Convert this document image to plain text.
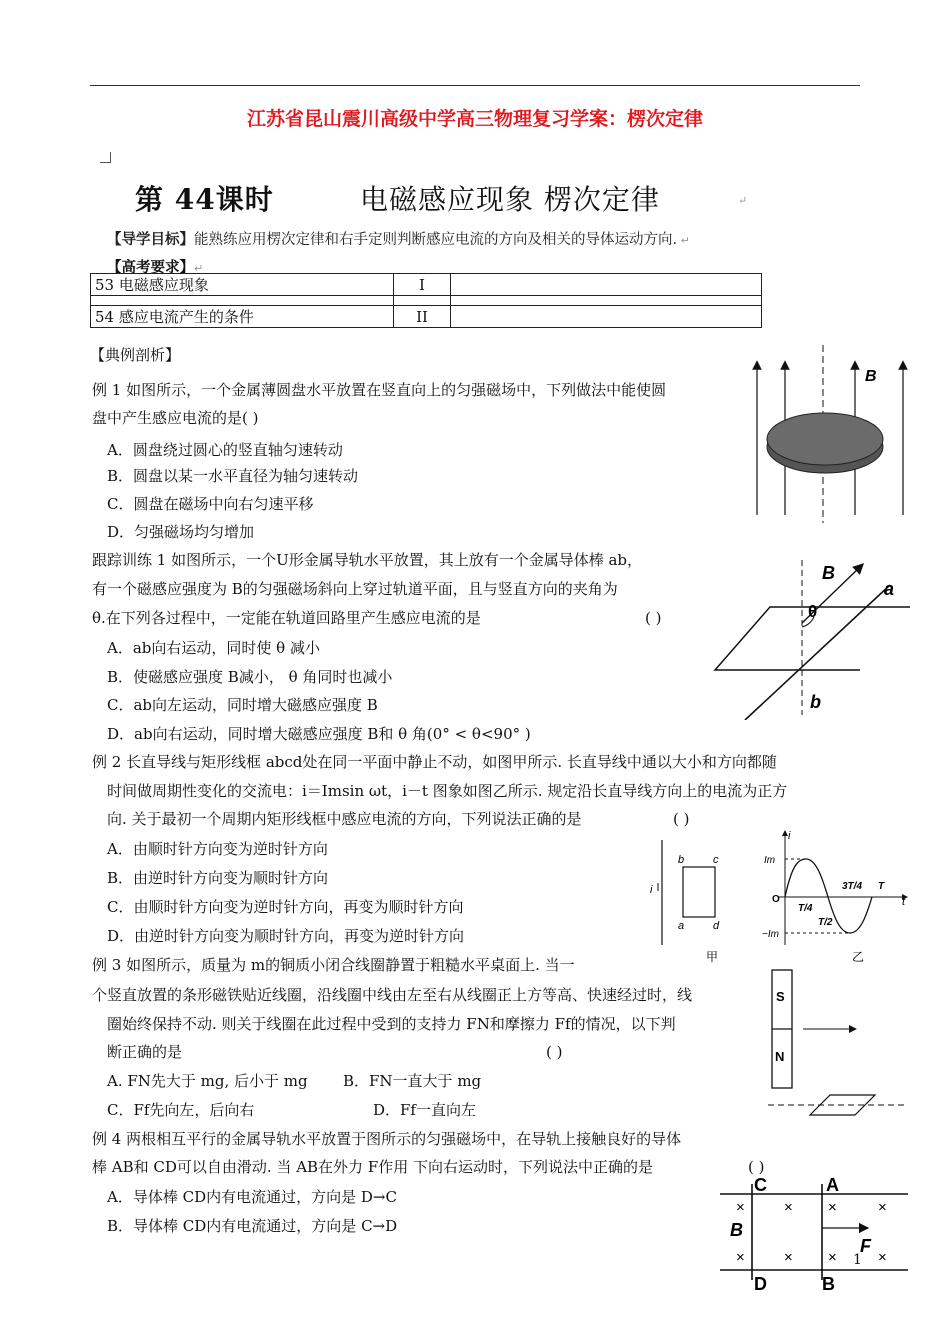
江苏省昆山震川高级中学高三物理复习学案：楞次定律
第 44课时	电磁感应现象 楞次定律	↵
【导学目标】能熟练应用楞次定律和右手定则判断感应电流的方向及相关的导体运动方向. ↵
【高考要求】↵
53 电磁感应现象	I	

54 感应电流产生的条件	II	
【典例剖析】
例 1 如图所示，一个金属薄圆盘水平放置在竖直向上的匀强磁场中，下列做法中能使圆
盘中产生感应电流的是( )
A．圆盘绕过圆心的竖直轴匀速转动
B．圆盘以某一水平直径为轴匀速转动
C．圆盘在磁场中向右匀速平移
D．匀强磁场均匀增加
B
跟踪训练 1 如图所示，一个U形金属导轨水平放置，其上放有一个金属导体棒 ab，
有一个磁感应强度为 B的匀强磁场斜向上穿过轨道平面，且与竖直方向的夹角为
θ.在下列各过程中，一定能在轨道回路里产生感应电流的是	( )
A．ab向右运动，同时使 θ 减小
B．使磁感应强度 B减小， θ 角同时也减小
C．ab向左运动，同时增大磁感应强度 B
D．ab向右运动，同时增大磁感应强度 B和 θ 角(0° < θ<90° )
B
a
b
θ
例 2 长直导线与矩形线框 abcd处在同一平面中静止不动，如图甲所示. 长直导线中通以大小和方向都随
时间做周期性变化的交流电：i＝Imsin ωt，i－t 图象如图乙所示. 规定沿长直导线方向上的电流为正方
向. 关于最初一个周期内矩形线框中感应电流的方向，下列说法正确的是	( )
A．由顺时针方向变为逆时针方向
B．由逆时针方向变为顺时针方向
C．由顺时针方向变为逆时针方向，再变为顺时针方向
D．由逆时针方向变为顺时针方向，再变为逆时针方向
i
b	c
a	d
甲
i
Im
O
−Im
T/4
T/2
3T/4 T
t
乙
例 3 如图所示，质量为 m的铜质小闭合线圈静置于粗糙水平桌面上. 当一
个竖直放置的条形磁铁贴近线圈，沿线圈中线由左至右从线圈正上方等高、快速经过时，线
圈始终保持不动. 则关于线圈在此过程中受到的支持力 FN和摩擦力 Ff的情况，以下判
断正确的是	( )
A. FN先大于 mg, 后小于 mg B．FN一直大于 mg
C．Ff先向左，后向右	D．Ff一直向左
S
N
例 4 两根相互平行的金属导轨水平放置于图所示的匀强磁场中，在导轨上接触良好的导体
棒 AB和 CD可以自由滑动. 当 AB在外力 F作用 下向右运动时，下列说法中正确的是	( )
A．导体棒 CD内有电流通过，方向是 D→C
B．导体棒 CD内有电流通过，方向是 C→D
C	A
D	B
B
×	× ×	×
×	× ×	×
F
1
